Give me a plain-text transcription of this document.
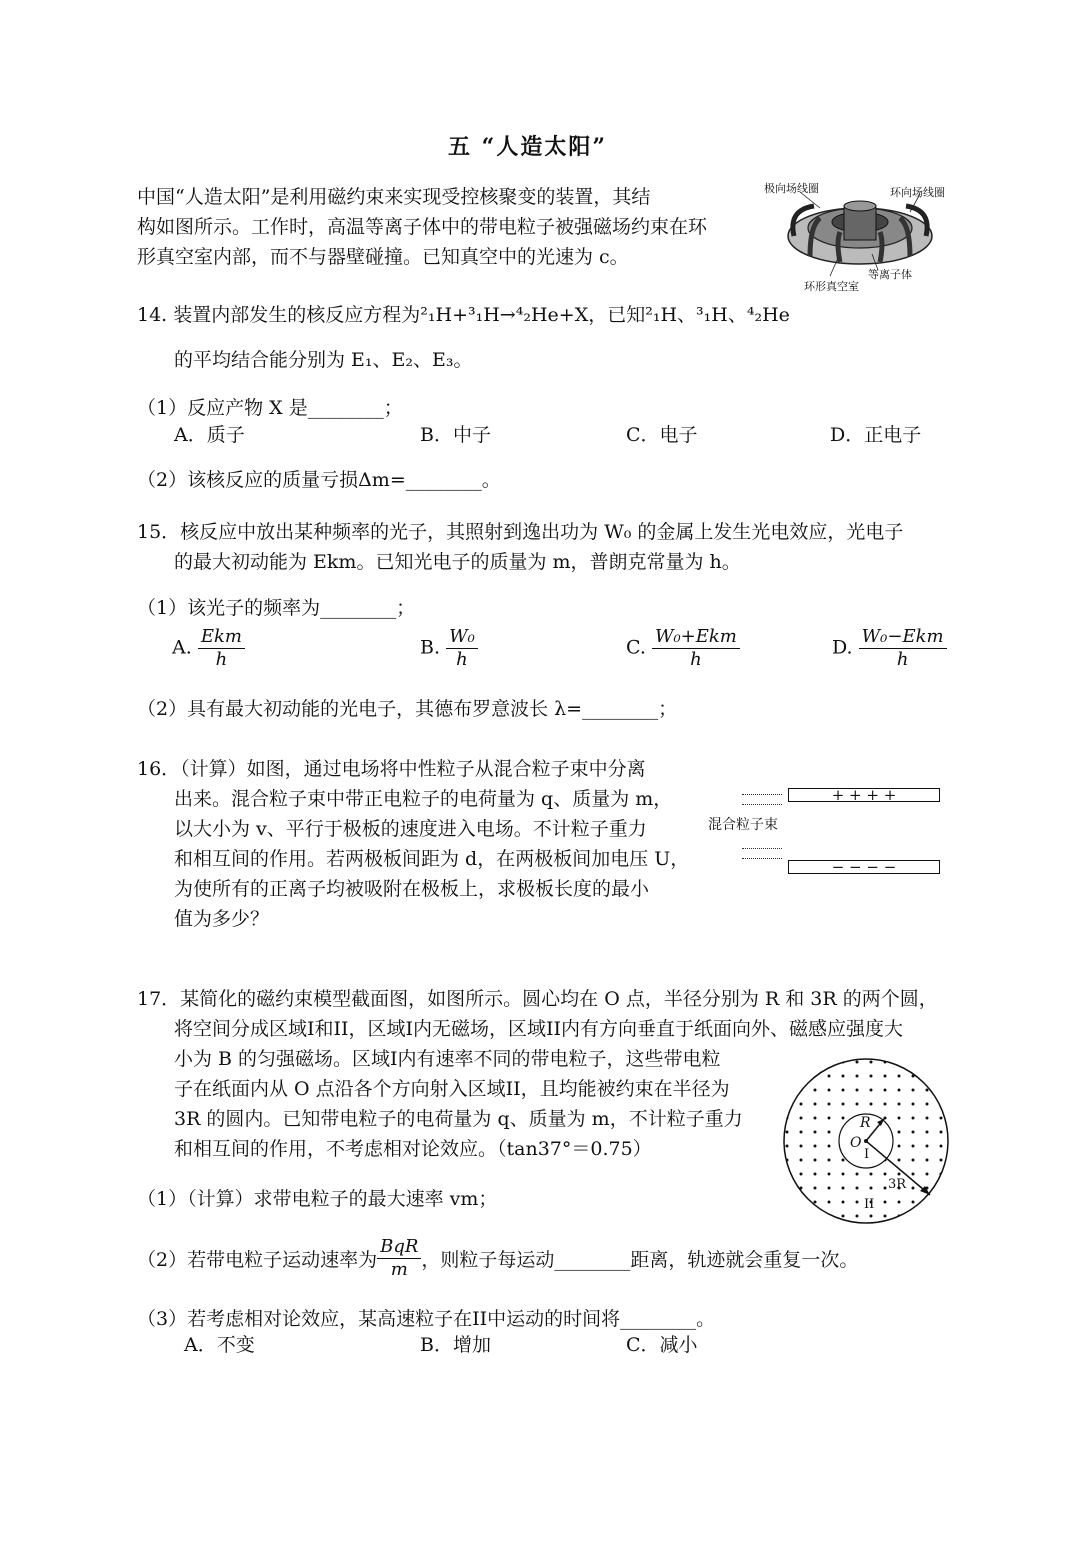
五 “人造太阳”
中国“人造太阳”是利用磁约束来实现受控核聚变的装置，其结
构如图所示。工作时，高温等离子体中的带电粒子被强磁场约束在环
形真空室内部，而不与器壁碰撞。已知真空中的光速为 c。
极向场线圈	环向场线圈
等离子体
环形真空室
14. 装置内部发生的核反应方程为²₁H+³₁H→⁴₂He+X，已知²₁H、³₁H、⁴₂He
的平均结合能分别为 E₁、E₂、E₃。
（1）反应产物 X 是________；
A．质子	B．中子	C．电子	D．正电子
（2）该核反应的质量亏损Δm=________。
15．核反应中放出某种频率的光子，其照射到逸出功为 W₀ 的金属上发生光电效应，光电子
的最大初动能为 Ekm。已知光电子的质量为 m，普朗克常量为 h。
（1）该光子的频率为________；
A. $\frac{\text{Ekm}}{h}$	B. $\frac{\text{W₀}}{h}$	C. $\frac{\text{W₀+Ekm}}{h}$	D. $\frac{\text{W₀−Ekm}}{h}$
（2）具有最大初动能的光电子，其德布罗意波长 λ=________；
16．（计算）如图，通过电场将中性粒子从混合粒子束中分离
出来。混合粒子束中带正电粒子的电荷量为 q、质量为 m，
以大小为 v、平行于极板的速度进入电场。不计粒子重力
和相互间的作用。若两极板间距为 d，在两极板间加电压 U，
为使所有的正离子均被吸附在极板上，求极板长度的最小
值为多少？
+ + + +
− − − −
混合粒子束
17．某简化的磁约束模型截面图，如图所示。圆心均在 O 点，半径分别为 R 和 3R 的两个圆，
将空间分成区域I和II，区域I内无磁场，区域II内有方向垂直于纸面向外、磁感应强度大
小为 B 的匀强磁场。区域I内有速率不同的带电粒子，这些带电粒
子在纸面内从 O 点沿各个方向射入区域II，且均能被约束在半径为
3R 的圆内。已知带电粒子的电荷量为 q、质量为 m，不计粒子重力
和相互间的作用，不考虑相对论效应。（tan37°＝0.75）
R
O
I
3R
II
（1）（计算）求带电粒子的最大速率 vm；
（2）若带电粒子运动速率为 $\frac{\text{BqR}}{m}$ ，则粒子每运动________距离，轨迹就会重复一次。
（3）若考虑相对论效应，某高速粒子在II中运动的时间将________。
A．不变	B．增加	C．减小
